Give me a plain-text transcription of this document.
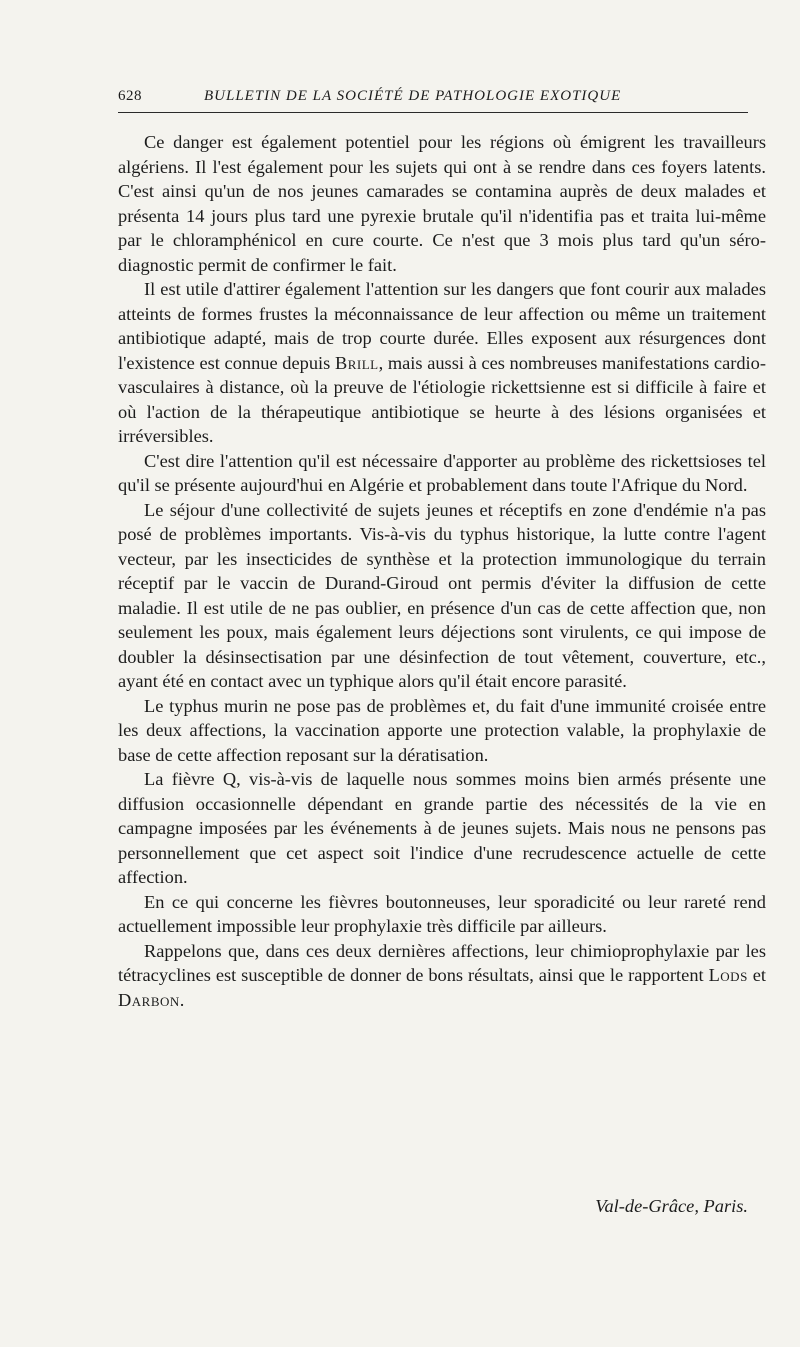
628	BULLETIN DE LA SOCIÉTÉ DE PATHOLOGIE EXOTIQUE

Ce danger est également potentiel pour les régions où émigrent les travailleurs algériens. Il l'est également pour les sujets qui ont à se rendre dans ces foyers latents. C'est ainsi qu'un de nos jeunes camarades se contamina auprès de deux malades et présenta 14 jours plus tard une pyrexie brutale qu'il n'identifia pas et traita lui-même par le chloramphénicol en cure courte. Ce n'est que 3 mois plus tard qu'un séro-diagnostic permit de confirmer le fait.

Il est utile d'attirer également l'attention sur les dangers que font courir aux malades atteints de formes frustes la méconnaissance de leur affection ou même un traitement antibiotique adapté, mais de trop courte durée. Elles exposent aux résurgences dont l'existence est connue depuis Brill, mais aussi à ces nombreuses manifestations cardio-vasculaires à distance, où la preuve de l'étiologie rickettsienne est si difficile à faire et où l'action de la thérapeutique antibiotique se heurte à des lésions organisées et irréversibles.

C'est dire l'attention qu'il est nécessaire d'apporter au problème des rickettsioses tel qu'il se présente aujourd'hui en Algérie et probablement dans toute l'Afrique du Nord.

Le séjour d'une collectivité de sujets jeunes et réceptifs en zone d'endémie n'a pas posé de problèmes importants. Vis-à-vis du typhus historique, la lutte contre l'agent vecteur, par les insecticides de synthèse et la protection immunologique du terrain réceptif par le vaccin de Durand-Giroud ont permis d'éviter la diffusion de cette maladie. Il est utile de ne pas oublier, en présence d'un cas de cette affection que, non seulement les poux, mais également leurs déjections sont virulents, ce qui impose de doubler la désinsectisation par une désinfection de tout vêtement, couverture, etc., ayant été en contact avec un typhique alors qu'il était encore parasité.

Le typhus murin ne pose pas de problèmes et, du fait d'une immunité croisée entre les deux affections, la vaccination apporte une protection valable, la prophylaxie de base de cette affection reposant sur la dératisation.

La fièvre Q, vis-à-vis de laquelle nous sommes moins bien armés présente une diffusion occasionnelle dépendant en grande partie des nécessités de la vie en campagne imposées par les événements à de jeunes sujets. Mais nous ne pensons pas personnellement que cet aspect soit l'indice d'une recrudescence actuelle de cette affection.

En ce qui concerne les fièvres boutonneuses, leur sporadicité ou leur rareté rend actuellement impossible leur prophylaxie très difficile par ailleurs.

Rappelons que, dans ces deux dernières affections, leur chimioprophylaxie par les tétracyclines est susceptible de donner de bons résultats, ainsi que le rapportent Lods et Darbon.

Val-de-Grâce, Paris.
